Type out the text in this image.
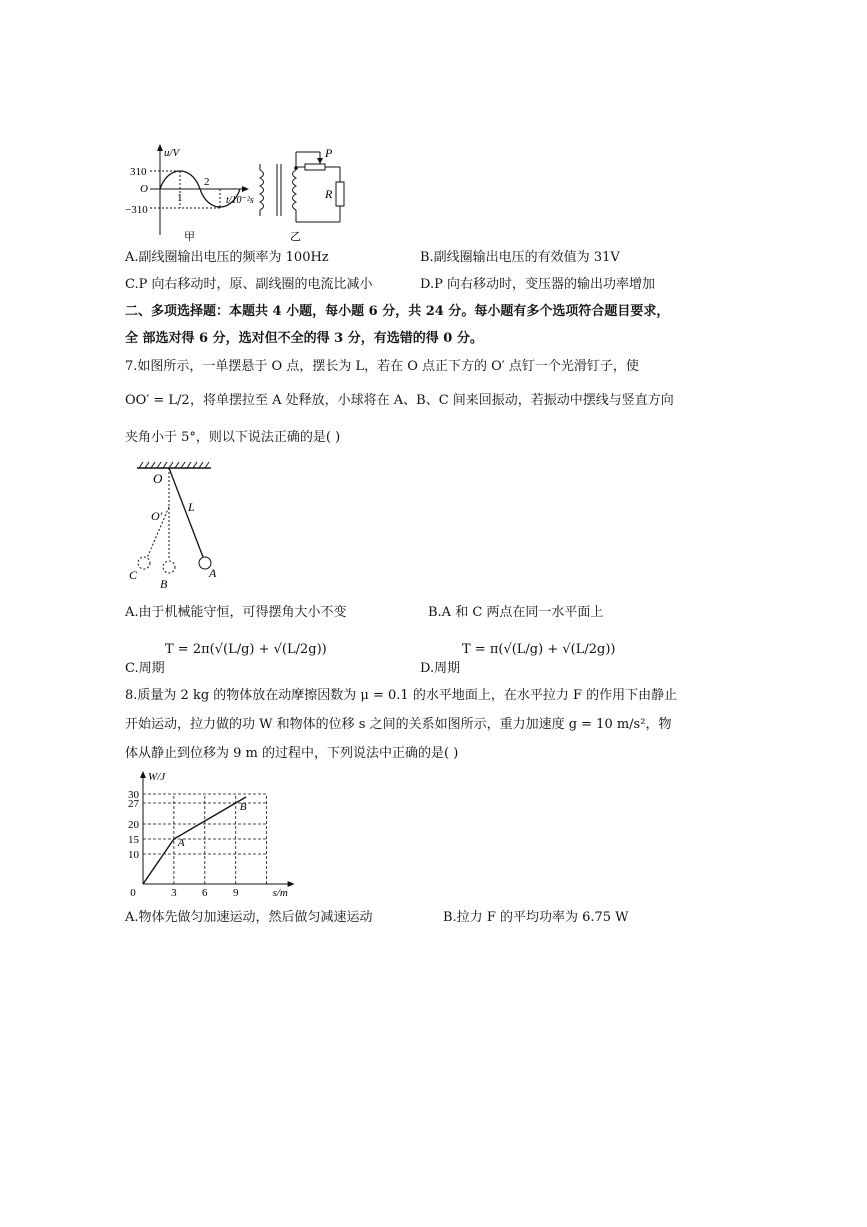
u/V
310
O
−310
1
2
t/10⁻²s
甲
P
R
乙
A.副线圈输出电压的频率为 100Hz	B.副线圈输出电压的有效值为 31V
C.P 向右移动时，原、副线圈的电流比减小	D.P 向右移动时，变压器的输出功率增加
二、多项选择题：本题共 4 小题，每小题 6 分，共 24 分。每小题有多个选项符合题目要求，
全 部选对得 6 分，选对但不全的得 3 分，有选错的得 0 分。
7.如图所示，一单摆悬于 O 点，摆长为 L，若在 O 点正下方的 O′ 点钉一个光滑钉子，使
OO′ = L/2 ，将单摆拉至 A 处释放，小球将在 A、B、C 间来回振动，若振动中摆线与竖直方向
夹角小于 5°，则以下说法正确的是( )
O
A
L
B
O′
C
A.由于机械能守恒，可得摆角大小不变	B.A 和 C 两点在同一水平面上
T = 2π(√(L/g) + √(L/2g))
C.周期
T = π(√(L/g) + √(L/2g))
D.周期
8.质量为 2 kg 的物体放在动摩擦因数为 μ = 0.1 的水平地面上，在水平拉力 F 的作用下由静止
开始运动，拉力做的功 W 和物体的位移 s 之间的关系如图所示，重力加速度 g = 10 m/s²，物
体从静止到位移为 9 m 的过程中，下列说法中正确的是( )
10
15
20
27
30
0	3 6 9
W/J
s/m
A
B
A.物体先做匀加速运动，然后做匀减速运动	B.拉力 F 的平均功率为 6.75 W
